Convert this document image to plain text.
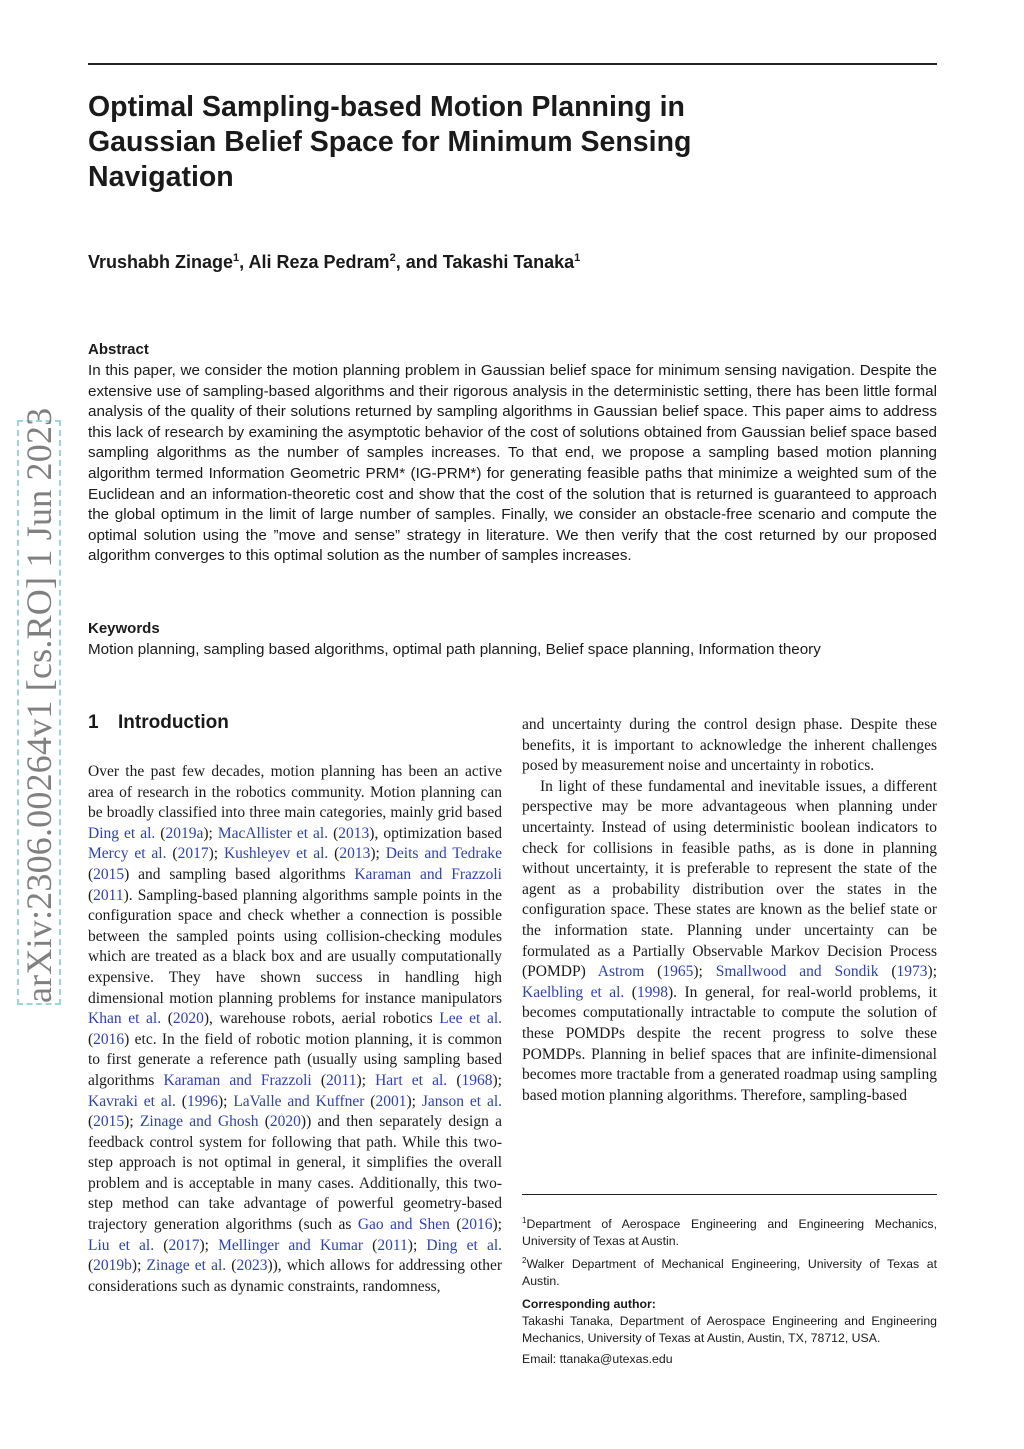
arXiv:2306.00264v1 [cs.RO] 1 Jun 2023
Optimal Sampling-based Motion Planning in Gaussian Belief Space for Minimum Sensing Navigation
Vrushabh Zinage$^1$, Ali Reza Pedram$^2$, and Takashi Tanaka$^1$
Abstract
In this paper, we consider the motion planning problem in Gaussian belief space for minimum sensing navigation. Despite the extensive use of sampling-based algorithms and their rigorous analysis in the deterministic setting, there has been little formal analysis of the quality of their solutions returned by sampling algorithms in Gaussian belief space. This paper aims to address this lack of research by examining the asymptotic behavior of the cost of solutions obtained from Gaussian belief space based sampling algorithms as the number of samples increases. To that end, we propose a sampling based motion planning algorithm termed Information Geometric PRM* (IG-PRM*) for generating feasible paths that minimize a weighted sum of the Euclidean and an information-theoretic cost and show that the cost of the solution that is returned is guaranteed to approach the global optimum in the limit of large number of samples. Finally, we consider an obstacle-free scenario and compute the optimal solution using the ”move and sense” strategy in literature. We then verify that the cost returned by our proposed algorithm converges to this optimal solution as the number of samples increases.
Keywords
Motion planning, sampling based algorithms, optimal path planning, Belief space planning, Information theory
1 Introduction

Over the past few decades, motion planning has been an active area of research in the robotics community. Motion planning can be broadly classified into three main categories, mainly grid based Ding et al. (2019a); MacAllister et al. (2013), optimization based Mercy et al. (2017); Kushleyev et al. (2013); Deits and Tedrake (2015) and sampling based algorithms Karaman and Frazzoli (2011). Sampling-based planning algorithms sample points in the configuration space and check whether a connection is possible between the sampled points using collision-checking modules which are treated as a black box and are usually computationally expensive. They have shown success in handling high dimensional motion planning problems for instance manipulators Khan et al. (2020), warehouse robots, aerial robotics Lee et al. (2016) etc. In the field of robotic motion planning, it is common to first generate a reference path (usually using sampling based algorithms Karaman and Frazzoli (2011); Hart et al. (1968); Kavraki et al. (1996); LaValle and Kuffner (2001); Janson et al. (2015); Zinage and Ghosh (2020)) and then separately design a feedback control system for following that path. While this two-step approach is not optimal in general, it simplifies the overall problem and is acceptable in many cases. Additionally, this two-step method can take advantage of powerful geometry-based trajectory generation algorithms (such as Gao and Shen (2016); Liu et al. (2017); Mellinger and Kumar (2011); Ding et al. (2019b); Zinage et al. (2023)), which allows for addressing other considerations such as dynamic constraints, randomness,

and uncertainty during the control design phase. Despite these benefits, it is important to acknowledge the inherent challenges posed by measurement noise and uncertainty in robotics.

In light of these fundamental and inevitable issues, a different perspective may be more advantageous when planning under uncertainty. Instead of using deterministic boolean indicators to check for collisions in feasible paths, as is done in planning without uncertainty, it is preferable to represent the state of the agent as a probability distribution over the states in the configuration space. These states are known as the belief state or the information state. Planning under uncertainty can be formulated as a Partially Observable Markov Decision Process (POMDP) Astrom (1965); Smallwood and Sondik (1973); Kaelbling et al. (1998). In general, for real-world problems, it becomes computationally intractable to compute the solution of these POMDPs despite the recent progress to solve these POMDPs. Planning in belief spaces that are infinite-dimensional becomes more tractable from a generated roadmap using sampling based motion planning algorithms. Therefore, sampling-based

$^1$Department of Aerospace Engineering and Engineering Mechanics, University of Texas at Austin.
$^2$Walker Department of Mechanical Engineering, University of Texas at Austin.
Corresponding author:
Takashi Tanaka, Department of Aerospace Engineering and Engineering Mechanics, University of Texas at Austin, Austin, TX, 78712, USA.
Email: ttanaka@utexas.edu
